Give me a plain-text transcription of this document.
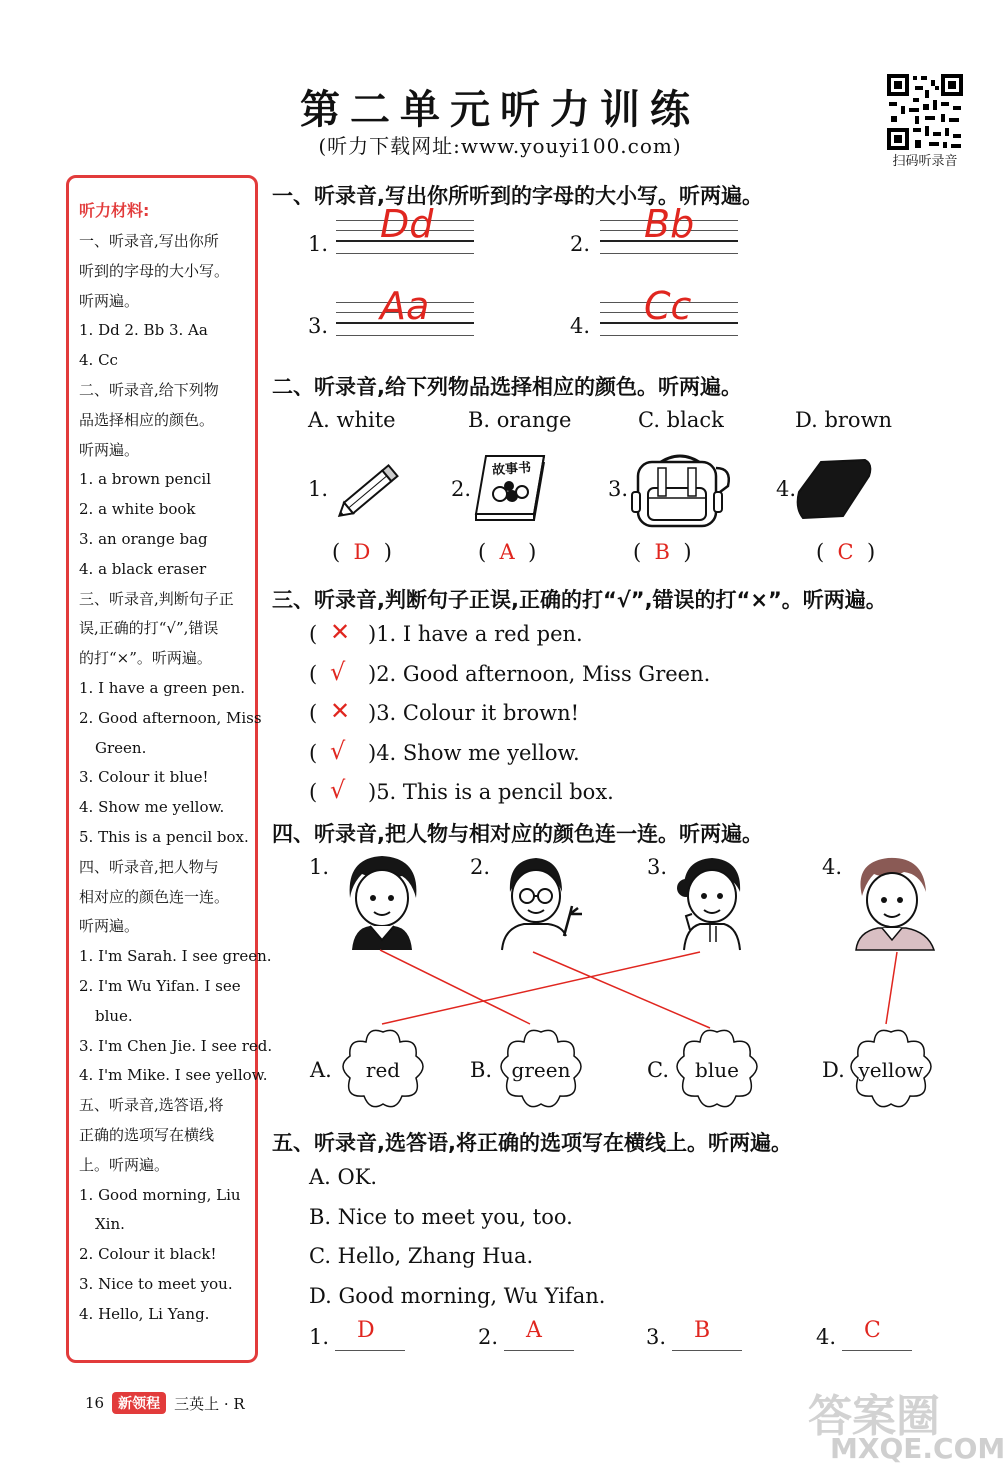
第二单元听力训练
(听力下载网址:www.youyi100.com)
扫码听录音
听力材料:
一、听录音,写出你所
听到的字母的大小写。
听两遍。
1. Dd 2. Bb 3. Aa
4. Cc
二、听录音,给下列物
品选择相应的颜色。
听两遍。
1. a brown pencil
2. a white book
3. an orange bag
4. a black eraser
三、听录音,判断句子正
误,正确的打“√”,错误
的打“×”。听两遍。
1. I have a green pen.
2. Good afternoon, Miss
Green.
3. Colour it blue!
4. Show me yellow.
5. This is a pencil box.
四、听录音,把人物与
相对应的颜色连一连。
听两遍。
1. I'm Sarah. I see green.
2. I'm Wu Yifan. I see
blue.
3. I'm Chen Jie. I see red.
4. I'm Mike. I see yellow.
五、听录音,选答语,将
正确的选项写在横线
上。听两遍。
1. Good morning, Liu
Xin.
2. Colour it black!
3. Nice to meet you.
4. Hello, Li Yang.
一、听录音,写出你所听到的字母的大小写。听两遍。
1. Dd	2. Bb
3. Aa	4. Cc
二、听录音,给下列物品选择相应的颜色。听两遍。
A. white	B. orange	C. black	D. brown
1.	2.
故事书
3.	4.
(  D  )	(  A  )	(  B  )	(  C  )
三、听录音,判断句子正误,正确的打“√”,错误的打“×”。听两遍。
( ✕ )1. I have a red pen.
( √ )2. Good afternoon, Miss Green.
( ✕ )3. Colour it brown!
( √ )4. Show me yellow.
( √ )5. This is a pencil box.
四、听录音,把人物与相对应的颜色连一连。听两遍。
1.	2.	3.	4.
A.	red	B. green	C.	blue	D. yellow
五、听录音,选答语,将正确的选项写在横线上。听两遍。
A. OK.
B. Nice to meet you, too.
C. Hello, Zhang Hua.
D. Good morning, Wu Yifan.
1. D	2. A	3. B	4. C
16	新领程 三英上 · R	答案圈
MXQE.COM
